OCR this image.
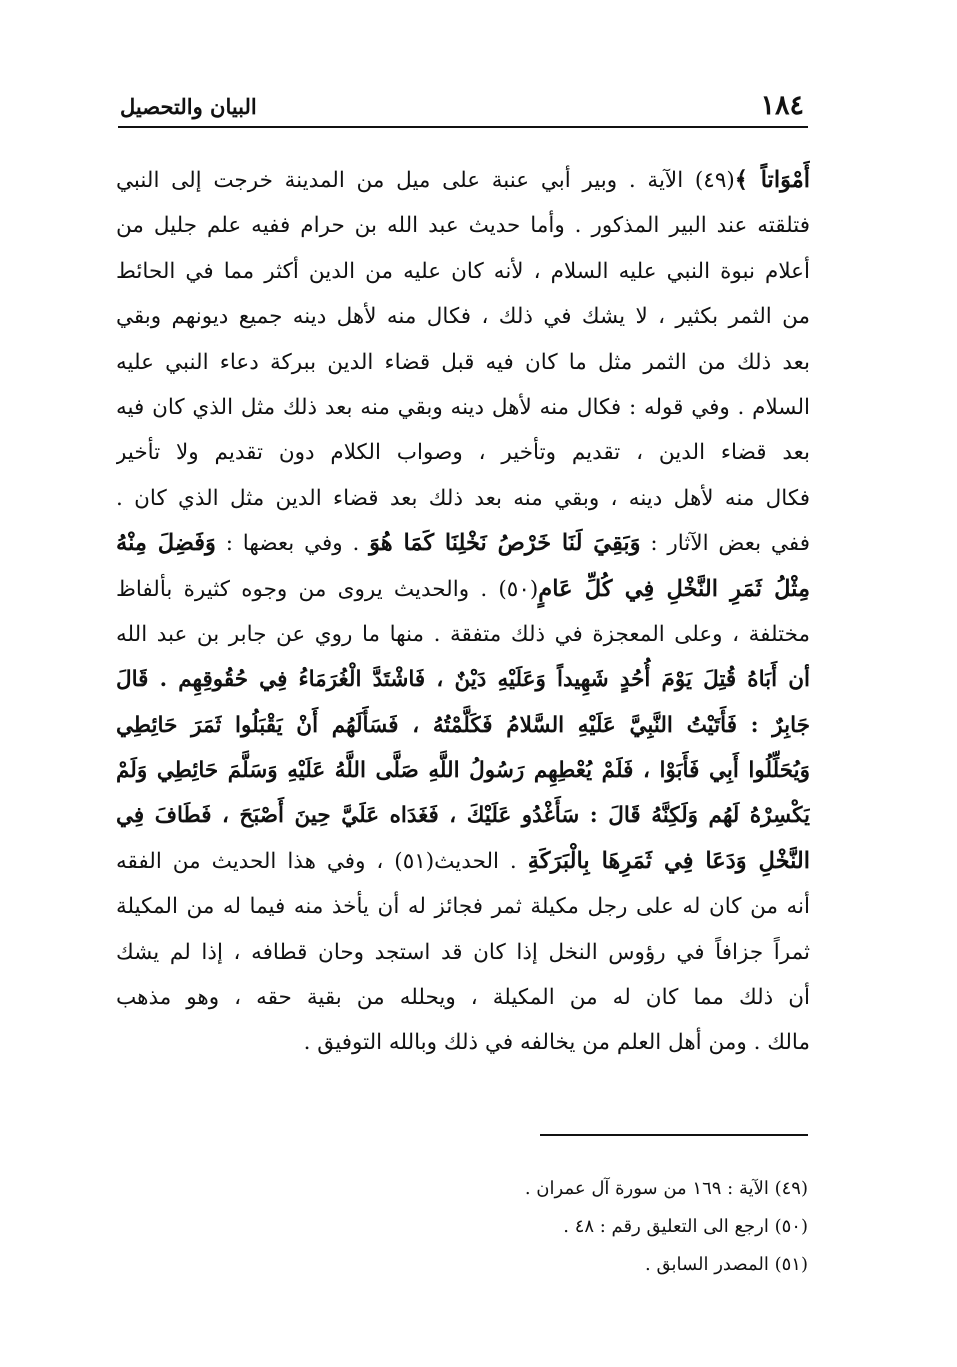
١٨٤
البيان والتحصيل
أَمْوَاتاً ﴾(٤٩) الآية . وبير أبي عنبة على ميل من المدينة خرجت إلى النبي
فتلقته عند البير المذكور . وأما حديث عبد الله بن حرام ففيه علم جليل من
أعلام نبوة النبي عليه السلام ، لأنه كان عليه من الدين أكثر مما في الحائط
من الثمر بكثير ، لا يشك في ذلك ، فكال منه لأهل دينه جميع ديونهم وبقي
بعد ذلك من الثمر مثل ما كان فيه قبل قضاء الدين ببركة دعاء النبي عليه
السلام . وفي قوله : فكال منه لأهل دينه وبقي منه بعد ذلك مثل الذي كان فيه
بعد قضاء الدين ، تقديم وتأخير ، وصواب الكلام دون تقديم ولا تأخير
فكال منه لأهل دينه ، وبقي منه بعد ذلك بعد قضاء الدين مثل الذي كان .
ففي بعض الآثار : وَبَقِيَ لَنَا خَرْصُ نَخْلِنَا كَمَا هُوَ . وفي بعضها : وَفَضِلَ مِنْهُ
مِثْلُ ثَمَرِ النَّخْلِ فِي كُلِّ عَامٍ(٥٠) . والحديث يروى من وجوه كثيرة بألفاظ
مختلفة ، وعلى المعجزة في ذلك متفقة . منها ما روي عن جابر بن عبد الله
أن أَبَاهُ قُتِلَ يَوْمَ أُحُدٍ شَهِيداً وَعَلَيْهِ دَيْنٌ ، فَاشْتَدَّ الْغُرَمَاءُ فِي حُقُوقِهِم . قَالَ
جَابِرٌ : فَأَتَيْتُ النَّبِيَّ عَلَيْهِ السَّلامُ فَكَلَّمْتُهُ ، فَسَأَلَهُم أَنْ يَقْبَلُوا ثَمَرَ حَائِطِي
وَيُحَلِّلُوا أَبِي فَأَبَوْا ، فَلَمْ يُعْطِهِم رَسُولُ اللَّهِ صَلَّى اللَّهُ عَلَيْهِ وَسَلَّمَ حَائِطِي وَلَمْ
يَكْسِرْهُ لَهُم وَلَكِنَّهُ قَالَ : سَأَغْدُو عَلَيْكَ ، فَغَدَاه عَلَيَّ حِينَ أَصْبَحَ ، فَطَافَ فِي
النَّخْلِ وَدَعَا فِي ثَمَرِهَا بِالْبَرَكَةِ . الحديث(٥١) ، وفي هذا الحديث من الفقه
أنه من كان له على رجل مكيلة ثمر فجائز له أن يأخذ منه فيما له من المكيلة
ثمراً جزافاً في رؤوس النخل إذا كان قد استجد وحان قطافه ، إذا لم يشك
أن ذلك مما كان له من المكيلة ، ويحلله من بقية حقه ، وهو مذهب
مالك . ومن أهل العلم من يخالفه في ذلك وبالله التوفيق .
(٤٩) الآية : ١٦٩ من سورة آل عمران .
(٥٠) ارجع الى التعليق رقم : ٤٨ .
(٥١) المصدر السابق .
